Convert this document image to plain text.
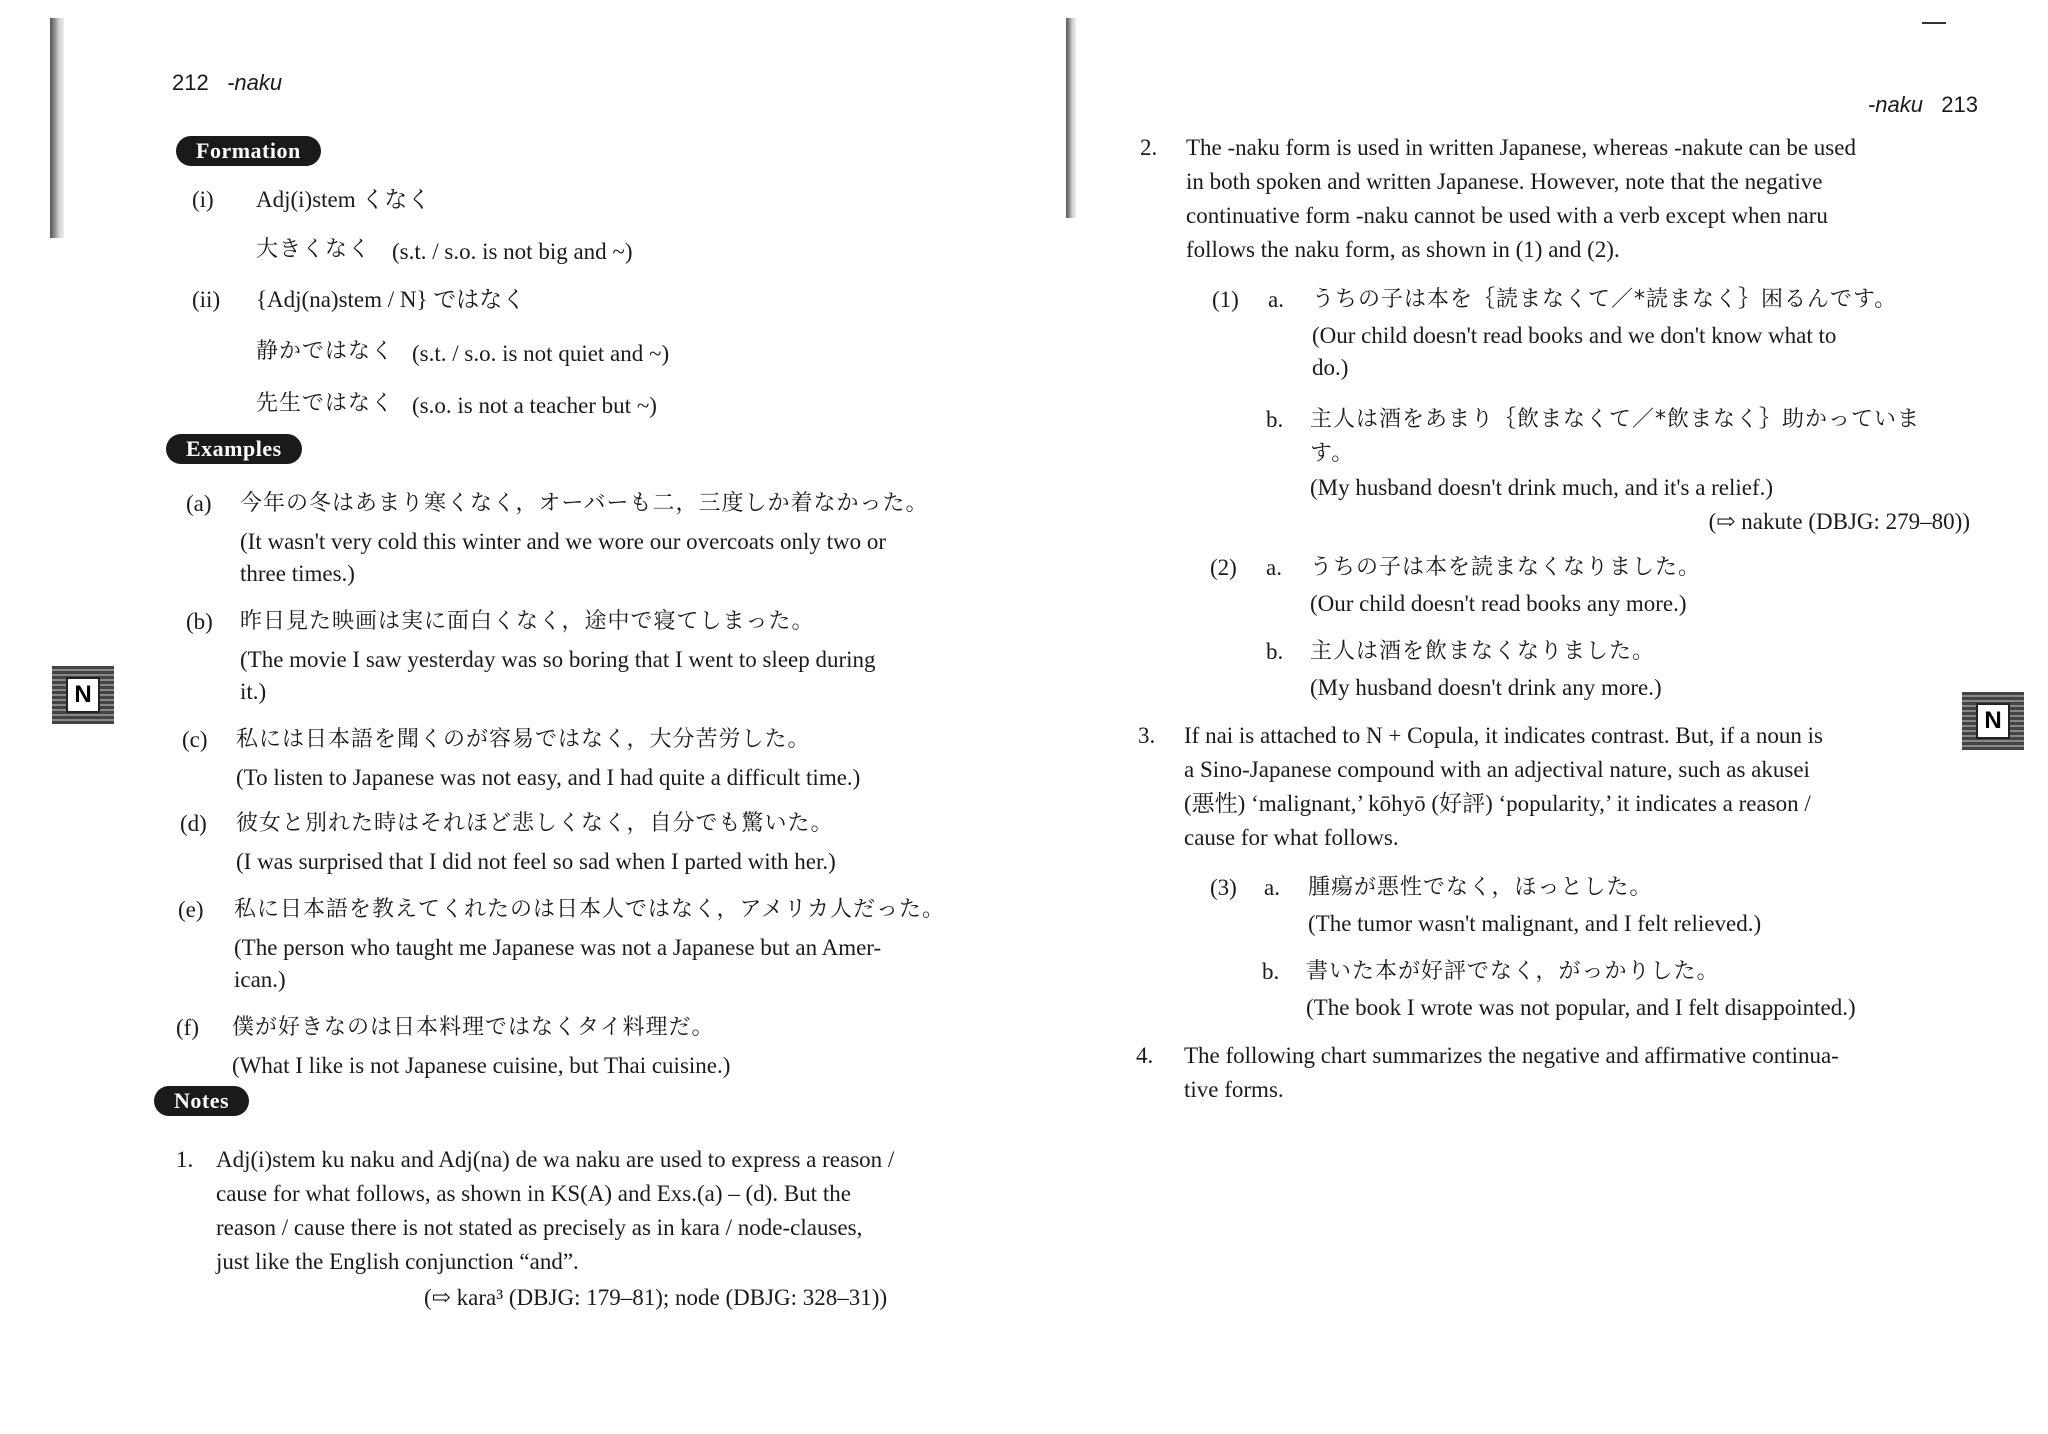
212 -naku
Formation
(i) Adj(i)stem くなく
大きくなく (s.t. / s.o. is not big and ~)
(ii) {Adj(na)stem / N} ではなく
静かではなく (s.t. / s.o. is not quiet and ~)
先生ではなく (s.o. is not a teacher but ~)
Examples
(a) 今年の冬はあまり寒くなく，オーバーも二，三度しか着なかった。
(It wasn't very cold this winter and we wore our overcoats only two or
three times.)
(b) 昨日見た映画は実に面白くなく，途中で寝てしまった。
(The movie I saw yesterday was so boring that I went to sleep during
it.)
(c) 私には日本語を聞くのが容易ではなく，大分苦労した。
(To listen to Japanese was not easy, and I had quite a difficult time.)
(d) 彼女と別れた時はそれほど悲しくなく，自分でも驚いた。
(I was surprised that I did not feel so sad when I parted with her.)
(e) 私に日本語を教えてくれたのは日本人ではなく，アメリカ人だった。
(The person who taught me Japanese was not a Japanese but an Amer-
ican.)
(f) 僕が好きなのは日本料理ではなくタイ料理だ。
(What I like is not Japanese cuisine, but Thai cuisine.)
Notes
1. Adj(i)stem ku naku and Adj(na) de wa naku are used to express a reason /
cause for what follows, as shown in KS(A) and Exs.(a) – (d). But the
reason / cause there is not stated as precisely as in kara / node-clauses,
just like the English conjunction “and”.
(⇨ kara³ (DBJG: 179–81); node (DBJG: 328–31))
N
-naku 213
2. The -naku form is used in written Japanese, whereas -nakute can be used
in both spoken and written Japanese. However, note that the negative
continuative form -naku cannot be used with a verb except when naru
follows the naku form, as shown in (1) and (2).
(1) a. うちの子は本を｛読まなくて／*読まなく｝困るんです。
(Our child doesn't read books and we don't know what to
do.)
b. 主人は酒をあまり｛飲まなくて／*飲まなく｝助かっていま
す。
(My husband doesn't drink much, and it's a relief.)
(⇨ nakute (DBJG: 279–80))
(2) a. うちの子は本を読まなくなりました。
(Our child doesn't read books any more.)
b. 主人は酒を飲まなくなりました。
(My husband doesn't drink any more.)
3. If nai is attached to N + Copula, it indicates contrast. But, if a noun is
a Sino-Japanese compound with an adjectival nature, such as akusei
(悪性) ‘malignant,’ kōhyō (好評) ‘popularity,’ it indicates a reason /
cause for what follows.
(3) a. 腫瘍が悪性でなく，ほっとした。
(The tumor wasn't malignant, and I felt relieved.)
b. 書いた本が好評でなく，がっかりした。
(The book I wrote was not popular, and I felt disappointed.)
4. The following chart summarizes the negative and affirmative continua-
tive forms.
N
